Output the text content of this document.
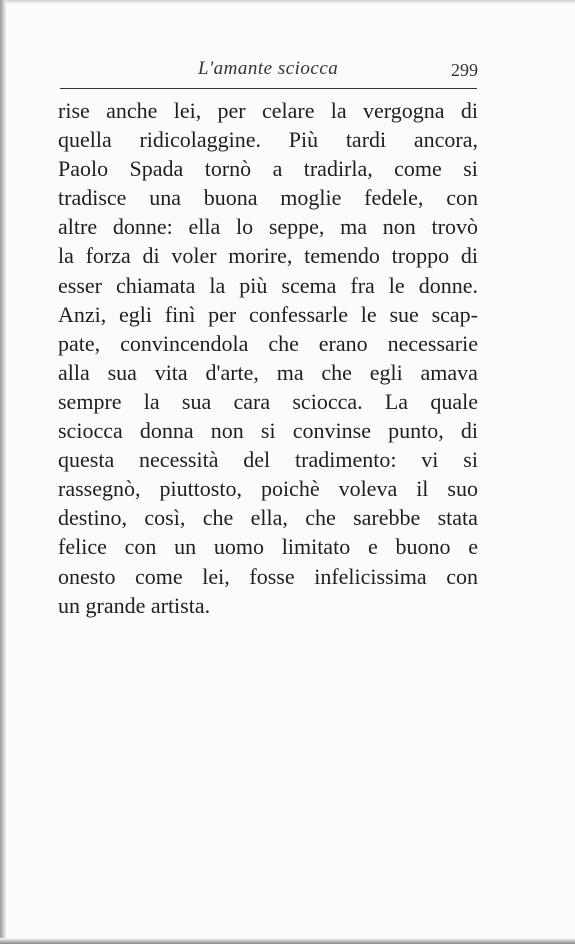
L'amante sciocca	299
rise anche lei, per celare la vergogna di
quella ridicolaggine. Più tardi ancora,
Paolo Spada tornò a tradirla, come si
tradisce una buona moglie fedele, con
altre donne: ella lo seppe, ma non trovò
la forza di voler morire, temendo troppo di
esser chiamata la più scema fra le donne.
Anzi, egli finì per confessarle le sue scap-
pate, convincendola che erano necessarie
alla sua vita d'arte, ma che egli amava
sempre la sua cara sciocca. La quale
sciocca donna non si convinse punto, di
questa necessità del tradimento: vi si
rassegnò, piuttosto, poichè voleva il suo
destino, così, che ella, che sarebbe stata
felice con un uomo limitato e buono e
onesto come lei, fosse infelicissima con
un grande artista.
